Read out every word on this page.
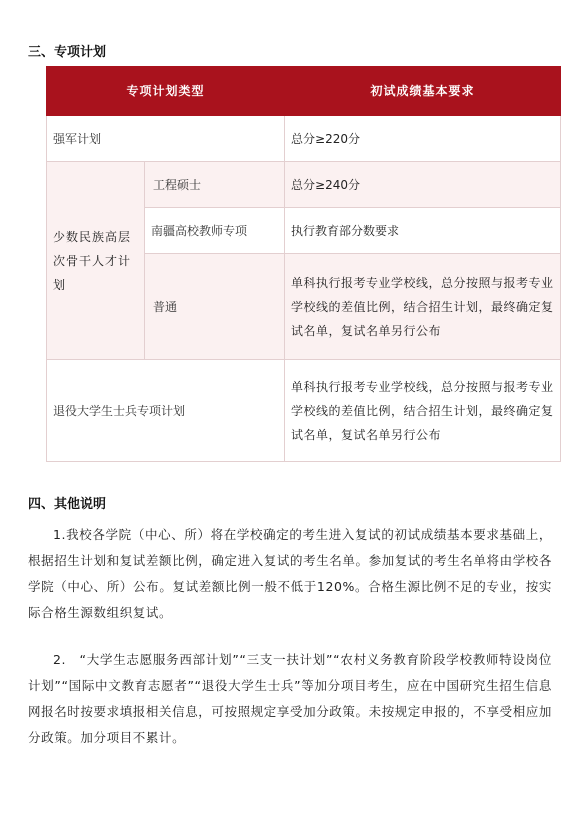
三、专项计划
专项计划类型		初试成绩基本要求
强军计划		总分≥220分
少数民族高层次骨干人才计划	工程硕士	总分≥240分
	南疆高校教师专项	执行教育部分数要求
	普通	单科执行报考专业学校线，总分按照与报考专业学校线的差值比例，结合招生计划，最终确定复试名单，复试名单另行公布
退役大学生士兵专项计划		单科执行报考专业学校线，总分按照与报考专业学校线的差值比例，结合招生计划，最终确定复试名单，复试名单另行公布
四、其他说明
1.我校各学院（中心、所）将在学校确定的考生进入复试的初试成绩基本要求基础上，根据招生计划和复试差额比例，确定进入复试的考生名单。参加复试的考生名单将由学校各学院（中心、所）公布。复试差额比例一般不低于120%。合格生源比例不足的专业，按实际合格生源数组织复试。
2.　“大学生志愿服务西部计划”“三支一扶计划”“农村义务教育阶段学校教师特设岗位计划”“国际中文教育志愿者”“退役大学生士兵”等加分项目考生，应在中国研究生招生信息网报名时按要求填报相关信息，可按照规定享受加分政策。未按规定申报的，不享受相应加分政策。加分项目不累计。
